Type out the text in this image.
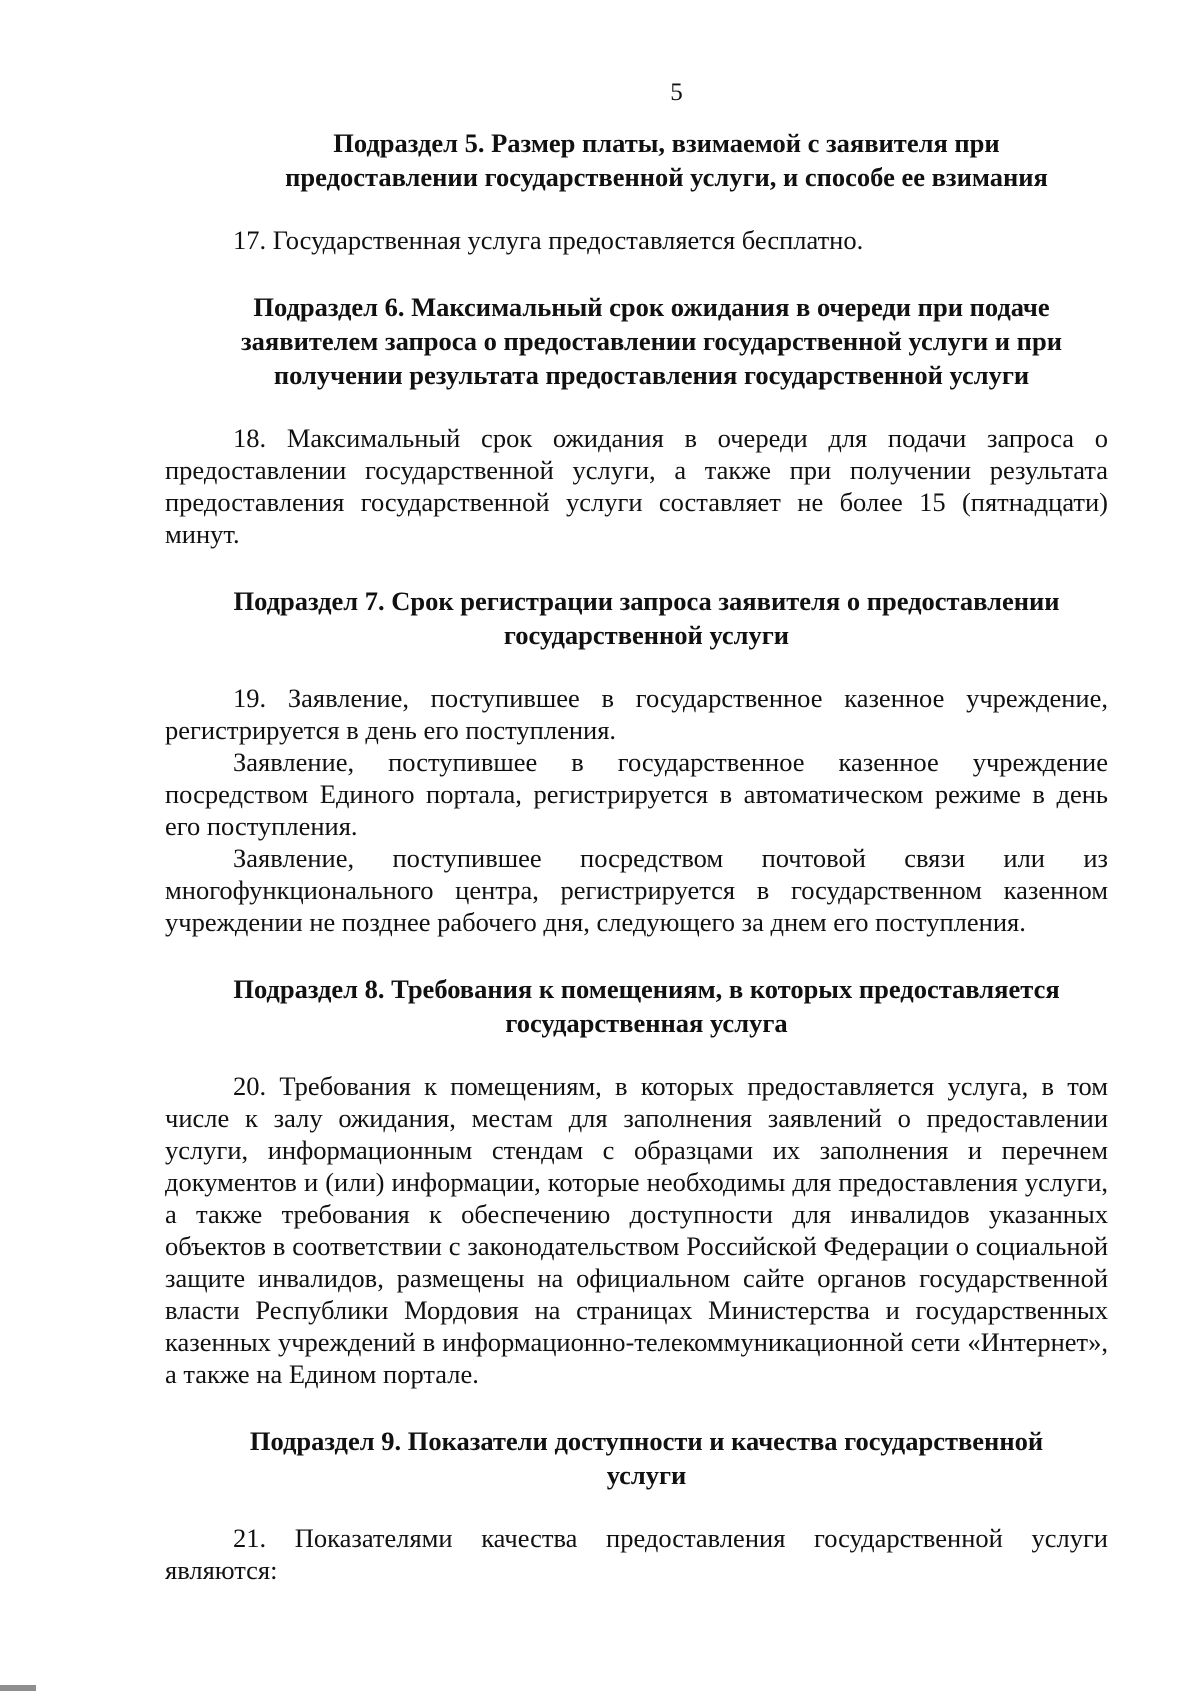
5
Подраздел 5. Размер платы, взимаемой с заявителя при
предоставлении государственной услуги, и способе ее взимания

17. Государственная услуга предоставляется бесплатно.

Подраздел 6. Максимальный срок ожидания в очереди при подаче
заявителем запроса о предоставлении государственной услуги и при
получении результата предоставления государственной услуги

18. Максимальный срок ожидания в очереди для подачи запроса о предоставлении государственной услуги, а также при получении результата предоставления государственной услуги составляет не более 15 (пятнадцати) минут.

Подраздел 7. Срок регистрации запроса заявителя о предоставлении
государственной услуги

19. Заявление, поступившее в государственное казенное учреждение, регистрируется в день его поступления.

Заявление, поступившее в государственное казенное учреждение посредством Единого портала, регистрируется в автоматическом режиме в день его поступления.

Заявление, поступившее посредством почтовой связи или из многофункционального центра, регистрируется в государственном казенном учреждении не позднее рабочего дня, следующего за днем его поступления.

Подраздел 8. Требования к помещениям, в которых предоставляется
государственная услуга

20. Требования к помещениям, в которых предоставляется услуга, в том числе к залу ожидания, местам для заполнения заявлений о предоставлении услуги, информационным стендам с образцами их заполнения и перечнем документов и (или) информации, которые необходимы для предоставления услуги, а также требования к обеспечению доступности для инвалидов указанных объектов в соответствии с законодательством Российской Федерации о социальной защите инвалидов, размещены на официальном сайте органов государственной власти Республики Мордовия на страницах Министерства и государственных казенных учреждений в информационно-телекоммуникационной сети «Интернет», а также на Едином портале.

Подраздел 9. Показатели доступности и качества государственной
услуги

21. Показателями качества предоставления государственной услуги являются:
